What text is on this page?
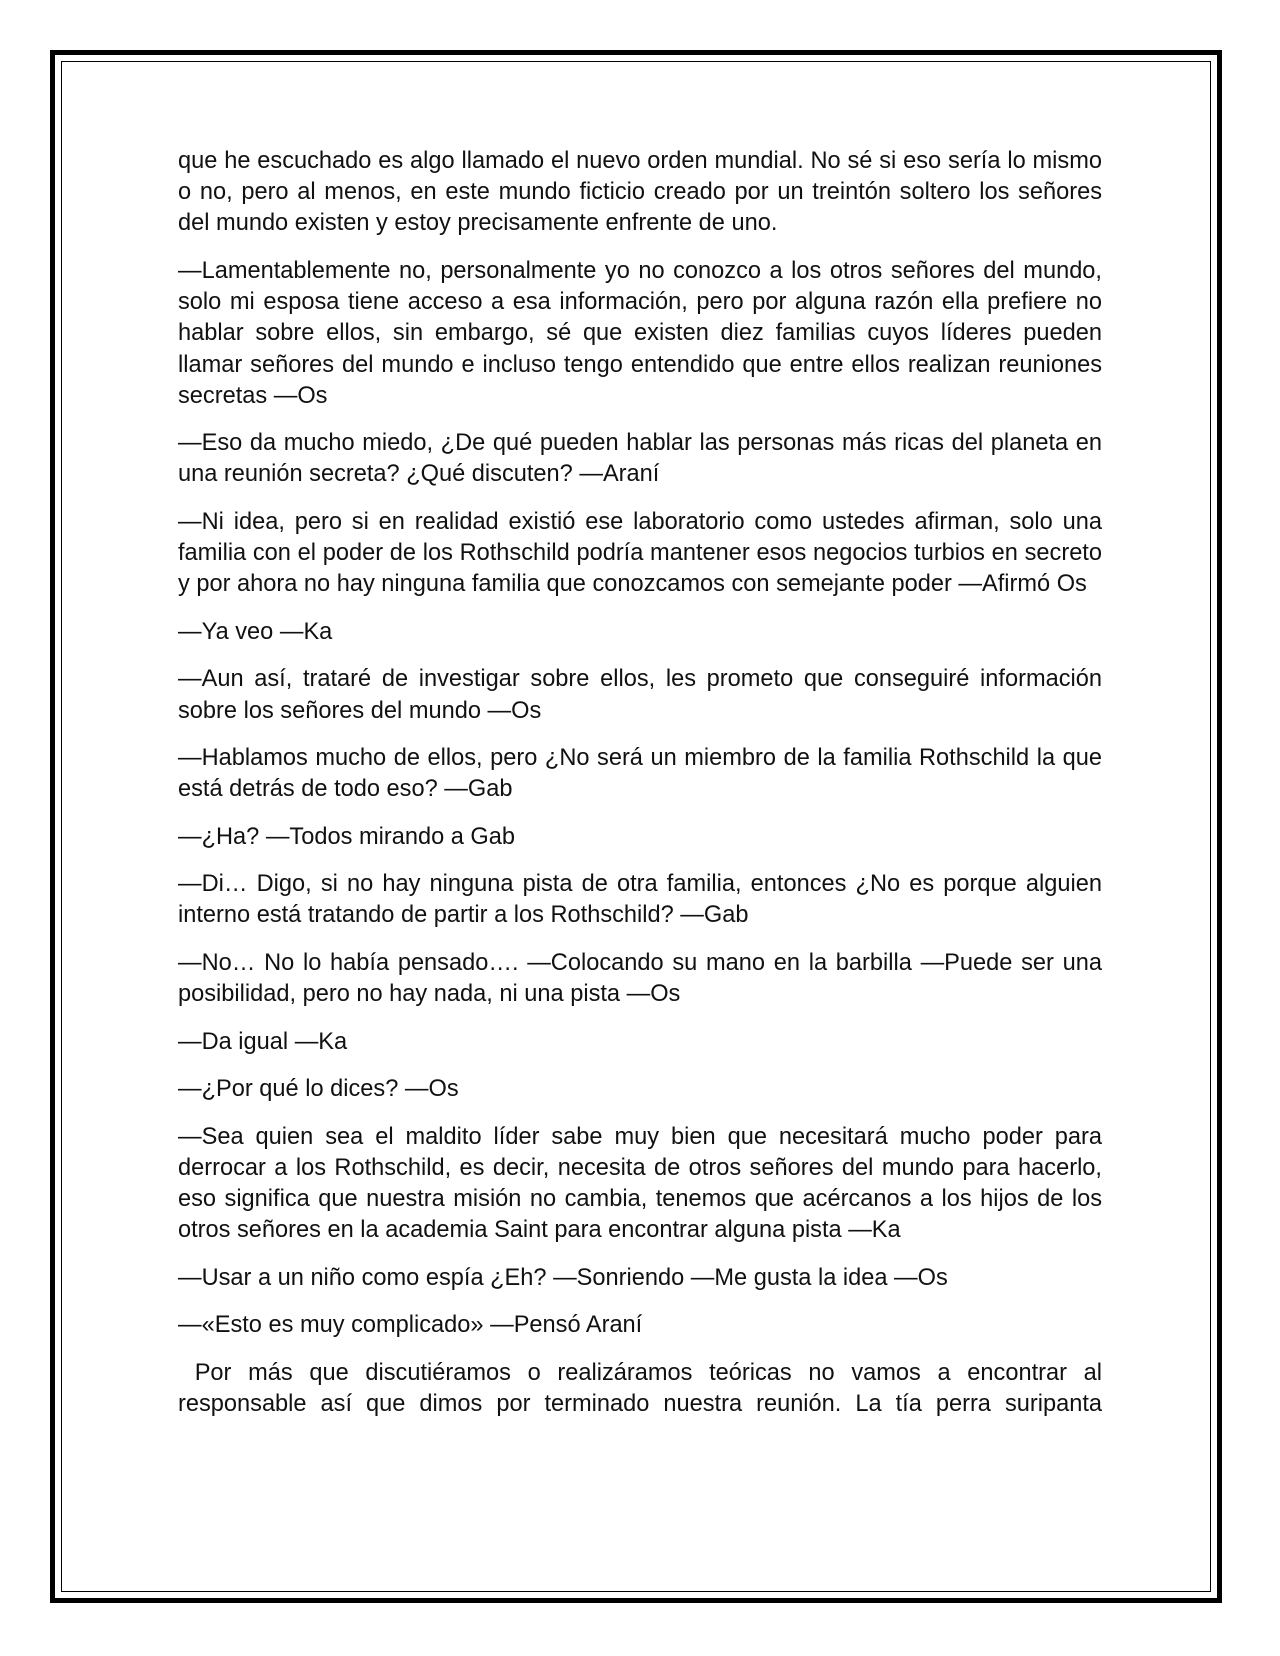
que he escuchado es algo llamado el nuevo orden mundial. No sé si eso sería lo mismo o no, pero al menos, en este mundo ficticio creado por un treintón soltero los señores del mundo existen y estoy precisamente enfrente de uno.

—Lamentablemente no, personalmente yo no conozco a los otros señores del mundo, solo mi esposa tiene acceso a esa información, pero por alguna razón ella prefiere no hablar sobre ellos, sin embargo, sé que existen diez familias cuyos líderes pueden llamar señores del mundo e incluso tengo entendido que entre ellos realizan reuniones secretas —Os

—Eso da mucho miedo, ¿De qué pueden hablar las personas más ricas del planeta en una reunión secreta? ¿Qué discuten? —Araní

—Ni idea, pero si en realidad existió ese laboratorio como ustedes afirman, solo una familia con el poder de los Rothschild podría mantener esos negocios turbios en secreto y por ahora no hay ninguna familia que conozcamos con semejante poder —Afirmó Os

—Ya veo —Ka

—Aun así, trataré de investigar sobre ellos, les prometo que conseguiré información sobre los señores del mundo —Os

—Hablamos mucho de ellos, pero ¿No será un miembro de la familia Rothschild la que está detrás de todo eso? —Gab

—¿Ha? —Todos mirando a Gab

—Di… Digo, si no hay ninguna pista de otra familia, entonces ¿No es porque alguien interno está tratando de partir a los Rothschild? —Gab

—No… No lo había pensado…. —Colocando su mano en la barbilla —Puede ser una posibilidad, pero no hay nada, ni una pista —Os

—Da igual —Ka

—¿Por qué lo dices? —Os

—Sea quien sea el maldito líder sabe muy bien que necesitará mucho poder para derrocar a los Rothschild, es decir, necesita de otros señores del mundo para hacerlo, eso significa que nuestra misión no cambia, tenemos que acércanos a los hijos de los otros señores en la academia Saint para encontrar alguna pista —Ka

—Usar a un niño como espía ¿Eh? —Sonriendo —Me gusta la idea —Os

—«Esto es muy complicado» —Pensó Araní

Por más que discutiéramos o realizáramos teóricas no vamos a encontrar al responsable así que dimos por terminado nuestra reunión. La tía perra suripanta
